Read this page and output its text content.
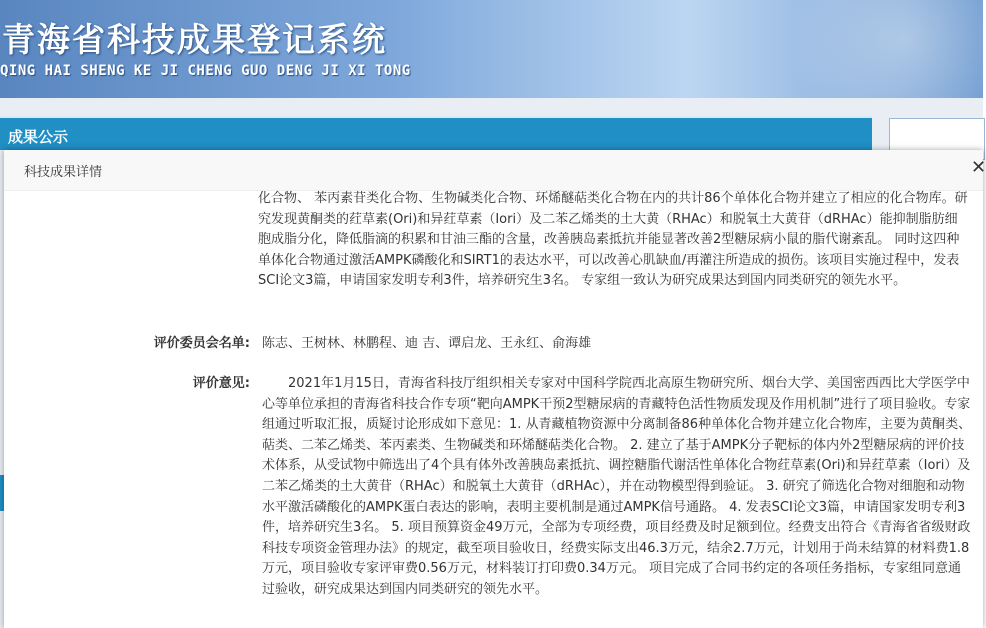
青海省科技成果登记系统
QING HAI SHENG KE JI CHENG GUO DENG JI XI TONG
成果公示
科技成果详情	✕
化合物、 苯丙素苷类化合物、生物碱类化合物、环烯醚萜类化合物在内的共计86个单体化合物并建立了相应的化合物库。研究发现黄酮类的荭草素(Ori)和异荭草素（Iori）及二苯乙烯类的土大黄（RHAc）和脱氧土大黄苷（dRHAc）能抑制脂肪细胞成脂分化，降低脂滴的积累和甘油三酯的含量，改善胰岛素抵抗并能显著改善2型糖尿病小鼠的脂代谢紊乱。 同时这四种单体化合物通过激活AMPK磷酸化和SIRT1的表达水平，可以改善心肌缺血/再灌注所造成的损伤。该项目实施过程中，发表SCI论文3篇，申请国家发明专利3件，培养研究生3名。 专家组一致认为研究成果达到国内同类研究的领先水平。
评价委员会名单: 陈志、王树林、林鹏程、迪 吉、谭启龙、王永红、俞海雄
评价意见:	2021年1月15日，青海省科技厅组织相关专家对中国科学院西北高原生物研究所、烟台大学、美国密西西比大学医学中心等单位承担的青海省科技合作专项“靶向AMPK干预2型糖尿病的青藏特色活性物质发现及作用机制”进行了项目验收。专家组通过听取汇报，质疑讨论形成如下意见：1. 从青藏植物资源中分离制备86种单体化合物并建立化合物库，主要为黄酮类、萜类、二苯乙烯类、苯丙素类、生物碱类和环烯醚萜类化合物。 2. 建立了基于AMPK分子靶标的体内外2型糖尿病的评价技术体系，从受试物中筛选出了4个具有体外改善胰岛素抵抗、调控糖脂代谢活性单体化合物荭草素(Ori)和异荭草素（Iori）及二苯乙烯类的土大黄苷（RHAc）和脱氧土大黄苷（dRHAc），并在动物模型得到验证。 3. 研究了筛选化合物对细胞和动物水平激活磷酸化的AMPK蛋白表达的影响，表明主要机制是通过AMPK信号通路。 4. 发表SCI论文3篇，申请国家发明专利3件，培养研究生3名。 5. 项目预算资金49万元，全部为专项经费，项目经费及时足额到位。经费支出符合《青海省省级财政科技专项资金管理办法》的规定，截至项目验收日，经费实际支出46.3万元，结余2.7万元，计划用于尚未结算的材料费1.8万元，项目验收专家评审费0.56万元，材料装订打印费0.34万元。 项目完成了合同书约定的各项任务指标，专家组同意通过验收，研究成果达到国内同类研究的领先水平。
